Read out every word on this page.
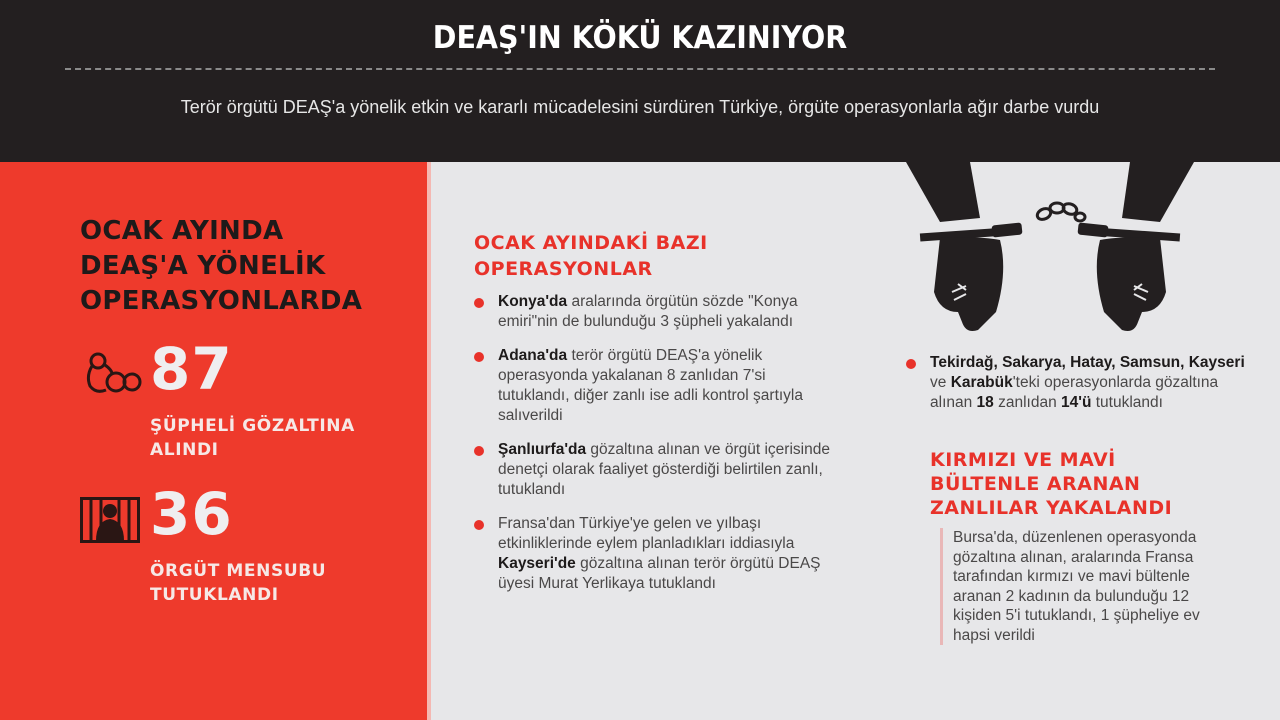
DEAŞ'IN KÖKÜ KAZINIYOR
Terör örgütü DEAŞ'a yönelik etkin ve kararlı mücadelesini sürdüren Türkiye, örgüte operasyonlarla ağır darbe vurdu
OCAK AYINDA
DEAŞ'A YÖNELİK
OPERASYONLARDA
87
ŞÜPHELİ GÖZALTINA
ALINDI
36
ÖRGÜT MENSUBU
TUTUKLANDI
OCAK AYINDAKİ BAZI
OPERASYONLAR
Konya'da aralarında örgütün sözde "Konya emiri"nin de bulunduğu 3 şüpheli yakalandı
Adana'da terör örgütü DEAŞ'a yönelik operasyonda yakalanan 8 zanlıdan 7'si tutuklandı, diğer zanlı ise adli kontrol şartıyla salıverildi
Şanlıurfa'da gözaltına alınan ve örgüt içerisinde denetçi olarak faaliyet gösterdiği belirtilen zanlı, tutuklandı
Fransa'dan Türkiye'ye gelen ve yılbaşı etkinliklerinde eylem planladıkları iddiasıyla Kayseri'de gözaltına alınan terör örgütü DEAŞ üyesi Murat Yerlikaya tutuklandı
Tekirdağ, Sakarya, Hatay, Samsun, Kayseri ve Karabük'teki operasyonlarda gözaltına alınan 18 zanlıdan 14'ü tutuklandı
KIRMIZI VE MAVİ
BÜLTENLE ARANAN
ZANLILAR YAKALANDI
Bursa'da, düzenlenen operasyonda gözaltına alınan, aralarında Fransa tarafından kırmızı ve mavi bültenle aranan 2 kadının da bulunduğu 12 kişiden 5'i tutuklandı, 1 şüpheliye ev hapsi verildi
